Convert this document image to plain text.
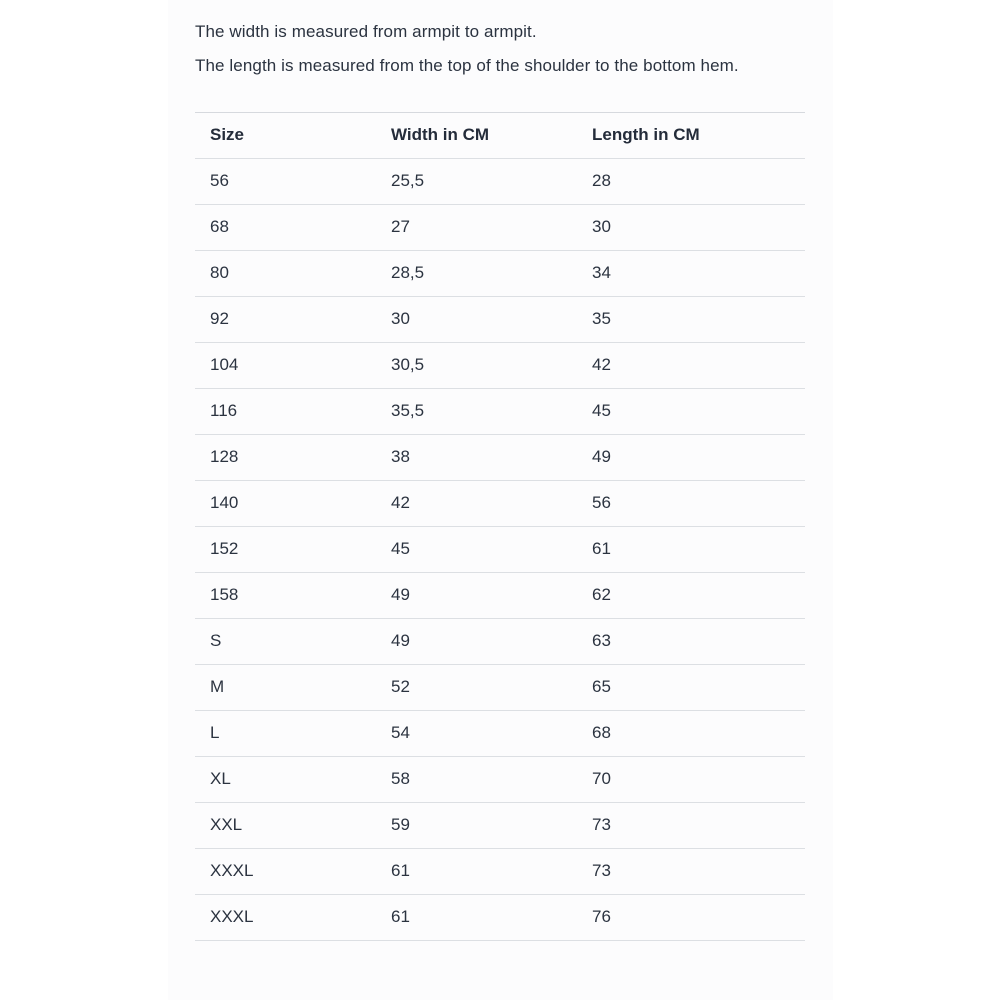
The width is measured from armpit to armpit.

The length is measured from the top of the shoulder to the bottom hem.

Size	Width in CM	Length in CM
56	25,5	28
68	27	30
80	28,5	34
92	30	35
104	30,5	42
116	35,5	45
128	38	49
140	42	56
152	45	61
158	49	62
S	49	63
M	52	65
L	54	68
XL	58	70
XXL	59	73
XXXL	61	73
XXXL	61	76
